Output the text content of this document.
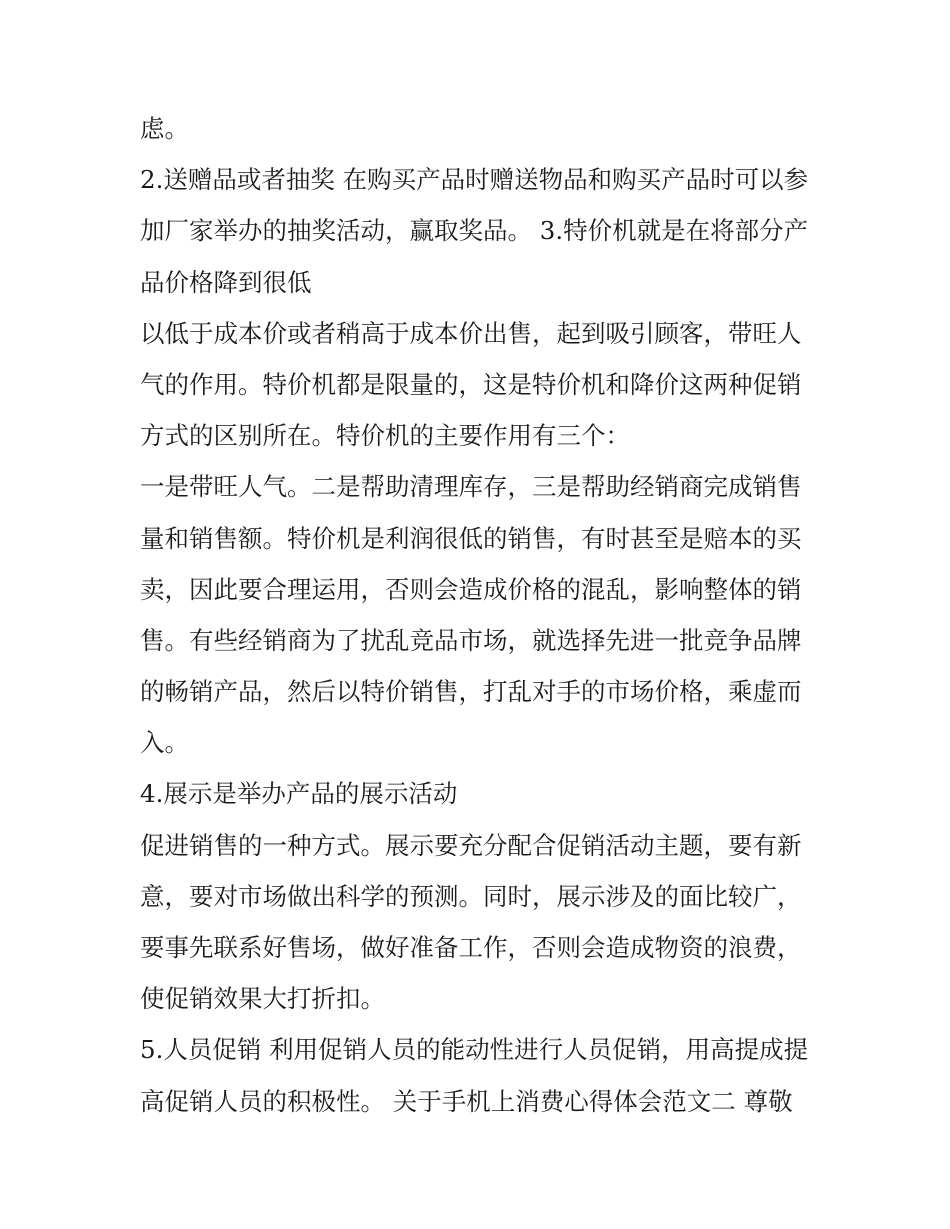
虑。
2.送赠品或者抽奖 在购买产品时赠送物品和购买产品时可以参
加厂家举办的抽奖活动，赢取奖品。 3.特价机就是在将部分产
品价格降到很低
以低于成本价或者稍高于成本价出售，起到吸引顾客，带旺人
气的作用。特价机都是限量的，这是特价机和降价这两种促销
方式的区别所在。特价机的主要作用有三个：
一是带旺人气。二是帮助清理库存，三是帮助经销商完成销售
量和销售额。特价机是利润很低的销售，有时甚至是赔本的买
卖，因此要合理运用，否则会造成价格的混乱，影响整体的销
售。有些经销商为了扰乱竞品市场，就选择先进一批竞争品牌
的畅销产品，然后以特价销售，打乱对手的市场价格，乘虚而
入。
4.展示是举办产品的展示活动
促进销售的一种方式。展示要充分配合促销活动主题，要有新
意，要对市场做出科学的预测。同时，展示涉及的面比较广，
要事先联系好售场，做好准备工作，否则会造成物资的浪费，
使促销效果大打折扣。
5.人员促销 利用促销人员的能动性进行人员促销，用高提成提
高促销人员的积极性。 关于手机上消费心得体会范文二 尊敬
